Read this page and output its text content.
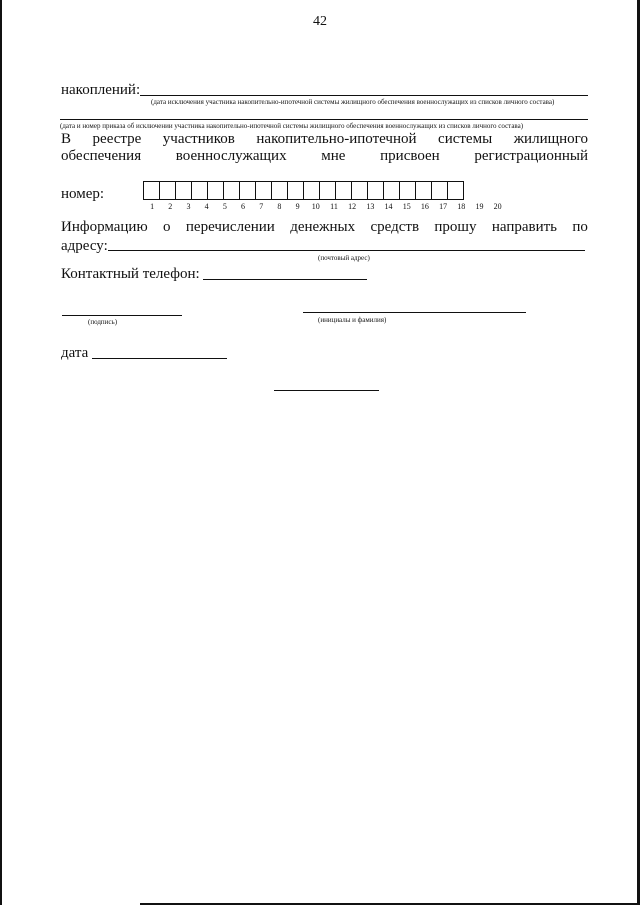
42
накоплений:
(дата исключения участника накопительно-ипотечной системы жилищного обеспечения военнослужащих из списков личного состава)
(дата и номер приказа об исключении участника накопительно-ипотечной системы жилищного обеспечения военнослужащих из списков личного состава)
В реестре участников накопительно-ипотечной системы жилищного
обеспечения военнослужащих мне присвоен регистрационный
номер:
1	2	3	4	5	6	7	8	9	10	11	12	13	14	15	16	17	18	19	20
Информацию о перечислении денежных средств прошу направить по
адресу:
(почтовый адрес)
Контактный телефон:
(подпись)	(инициалы и фамилия)
дата
